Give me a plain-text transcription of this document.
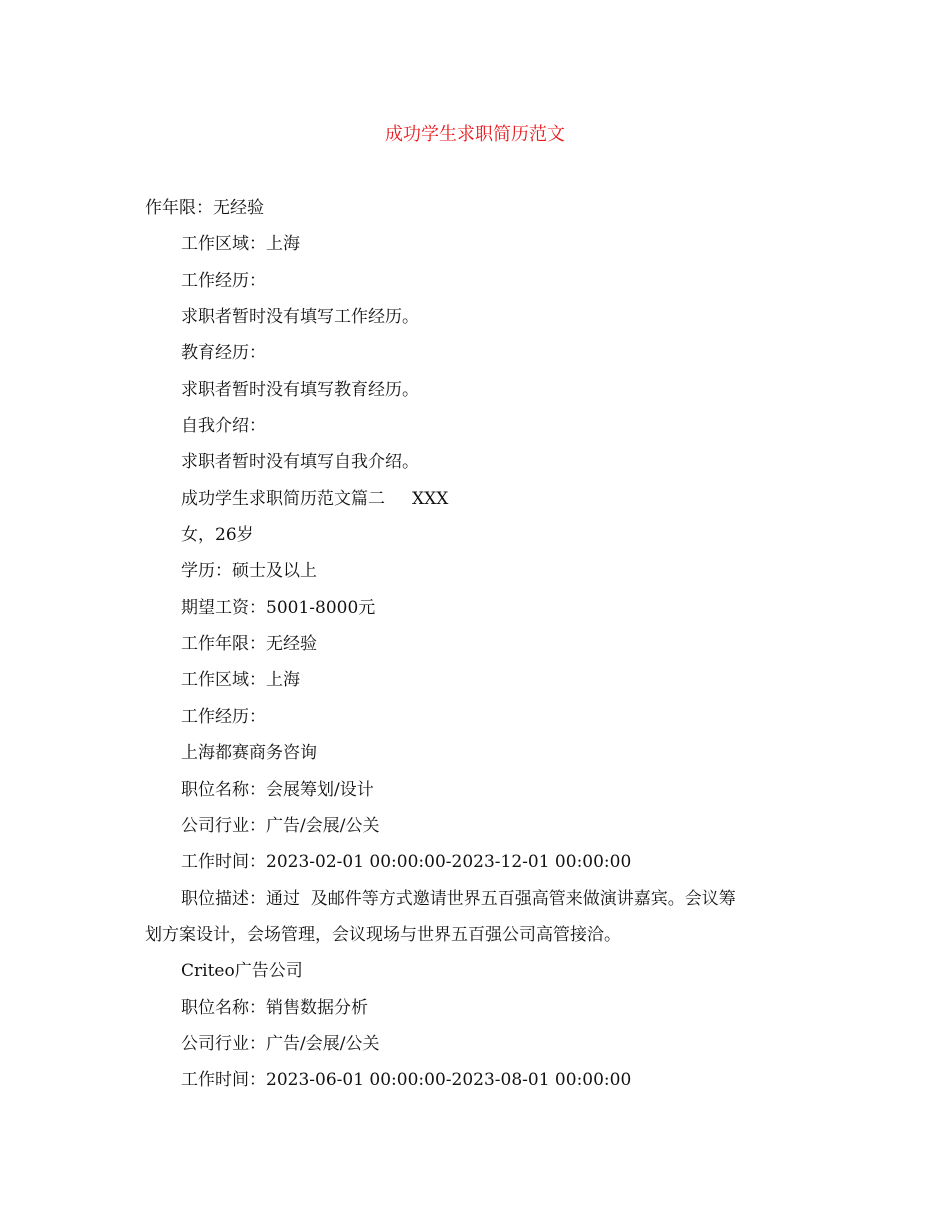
成功学生求职简历范文
作年限：无经验
工作区域：上海
工作经历：
求职者暂时没有填写工作经历。
教育经历：
求职者暂时没有填写教育经历。
自我介绍：
求职者暂时没有填写自我介绍。
成功学生求职简历范文篇二     XXX
女，26岁
学历：硕士及以上
期望工资：5001-8000元
工作年限：无经验
工作区域：上海
工作经历：
上海都赛商务咨询
职位名称：会展筹划/设计
公司行业：广告/会展/公关
工作时间：2023-02-01 00:00:00-2023-12-01 00:00:00
职位描述：通过  及邮件等方式邀请世界五百强高管来做演讲嘉宾。会议筹
划方案设计，会场管理，会议现场与世界五百强公司高管接洽。
Criteo广告公司
职位名称：销售数据分析
公司行业：广告/会展/公关
工作时间：2023-06-01 00:00:00-2023-08-01 00:00:00
